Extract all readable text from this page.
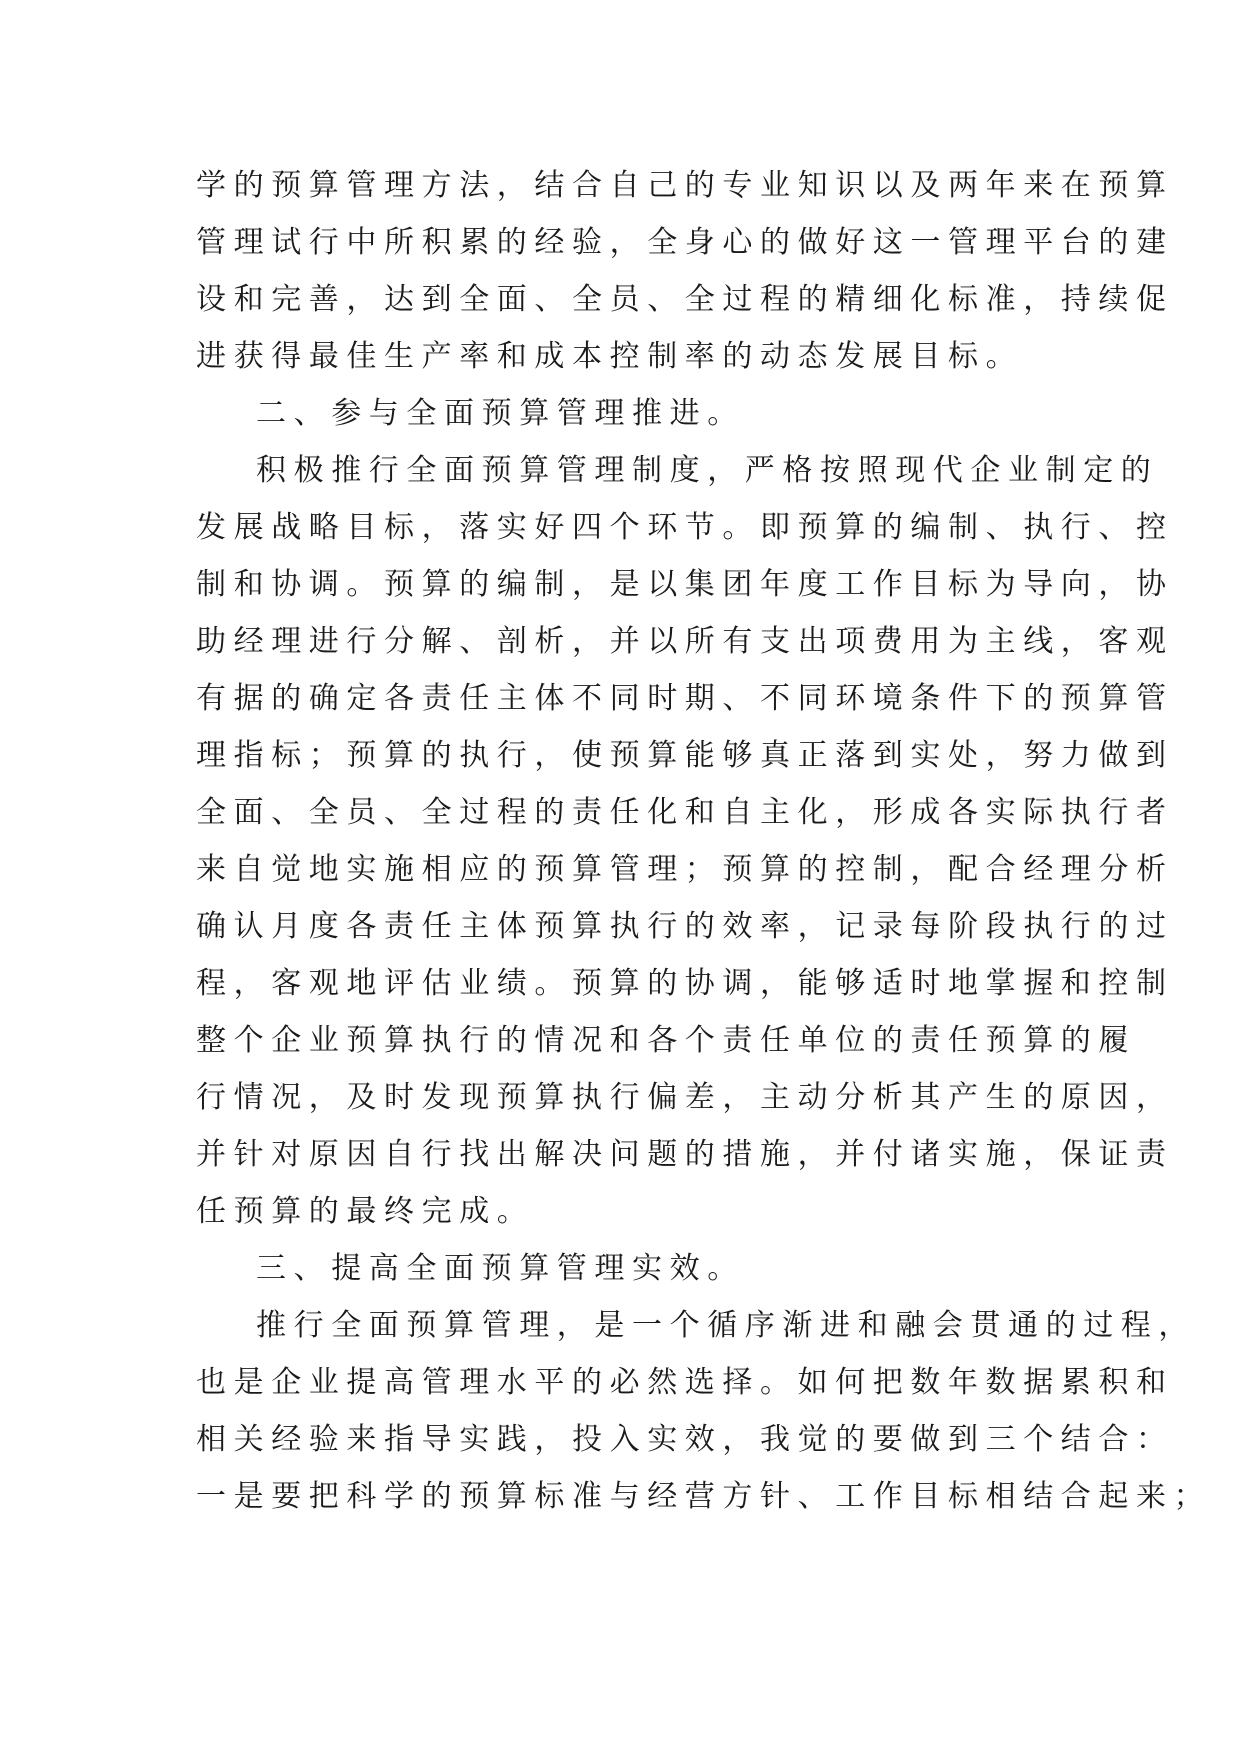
学的预算管理方法，结合自己的专业知识以及两年来在预算
管理试行中所积累的经验，全身心的做好这一管理平台的建
设和完善，达到全面、全员、全过程的精细化标准，持续促
进获得最佳生产率和成本控制率的动态发展目标。
二、参与全面预算管理推进。
积极推行全面预算管理制度，严格按照现代企业制定的
发展战略目标，落实好四个环节。即预算的编制、执行、控
制和协调。预算的编制，是以集团年度工作目标为导向，协
助经理进行分解、剖析，并以所有支出项费用为主线，客观
有据的确定各责任主体不同时期、不同环境条件下的预算管
理指标；预算的执行，使预算能够真正落到实处，努力做到
全面、全员、全过程的责任化和自主化，形成各实际执行者
来自觉地实施相应的预算管理；预算的控制，配合经理分析
确认月度各责任主体预算执行的效率，记录每阶段执行的过
程，客观地评估业绩。预算的协调，能够适时地掌握和控制
整个企业预算执行的情况和各个责任单位的责任预算的履
行情况，及时发现预算执行偏差，主动分析其产生的原因，
并针对原因自行找出解决问题的措施，并付诸实施，保证责
任预算的最终完成。
三、提高全面预算管理实效。
推行全面预算管理，是一个循序渐进和融会贯通的过程，
也是企业提高管理水平的必然选择。如何把数年数据累积和
相关经验来指导实践，投入实效，我觉的要做到三个结合：
一是要把科学的预算标准与经营方针、工作目标相结合起来；
